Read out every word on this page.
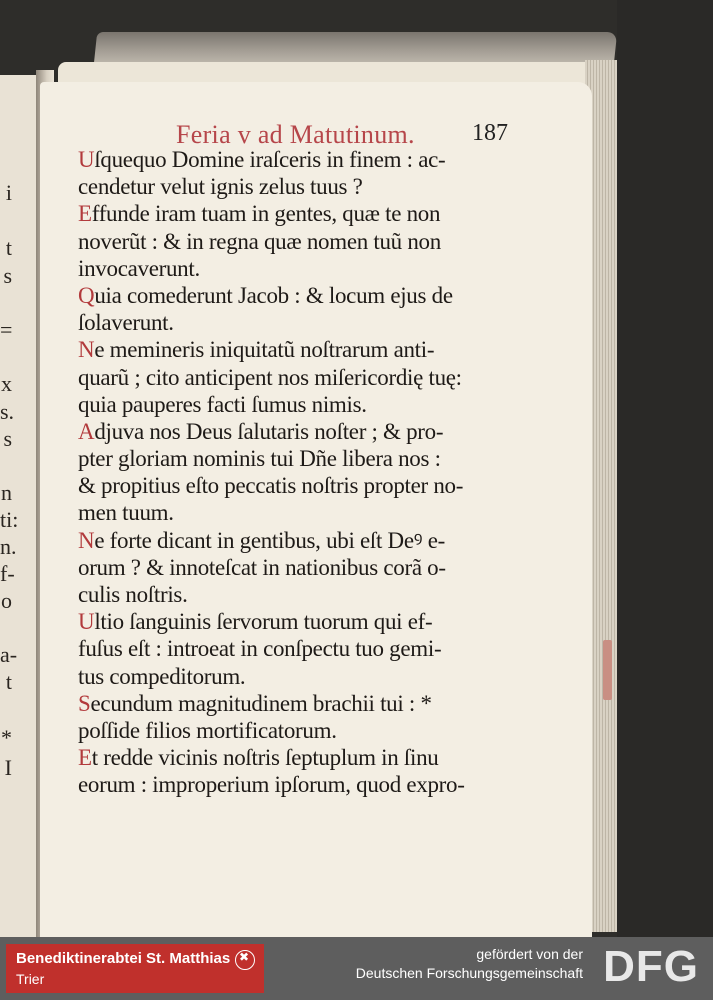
i
t
s
=
x
s.
s
n
ti:
n.
f-
o
a-
t
*
I
Feria v ad Matutinum. 187
Uſquequo Domine iraſceris in finem : ac-
cendetur velut ignis zelus tuus ?
Effunde iram tuam in gentes, quæ te non
noverũt : & in regna quæ nomen tuũ non
invocaverunt.
Quia comederunt Jacob : & locum ejus de
ſolaverunt.
Ne memineris iniquitatũ noſtrarum anti-
quarũ ; cito anticipent nos miſericordię tuę:
quia pauperes facti ſumus nimis.
Adjuva nos Deus ſalutaris noſter ; & pro-
pter gloriam nominis tui Dñe libera nos :
& propitius eſto peccatis noſtris propter no-
men tuum.
Ne forte dicant in gentibus, ubi eſt Deꝰ e-
orum ? & innoteſcat in nationibus corã o-
culis noſtris.
Ultio ſanguinis ſervorum tuorum qui ef-
fuſus eſt : introeat in conſpectu tuo gemi-
tus compeditorum.
Secundum magnitudinem brachii tui : *
poſſide filios mortificatorum.
Et redde vicinis noſtris ſeptuplum in ſinu
eorum : improperium ipſorum, quod expro-
Benediktinerabtei St. Matthias
Trier
✖
gefördert von der
Deutschen Forschungsgemeinschaft DFG
